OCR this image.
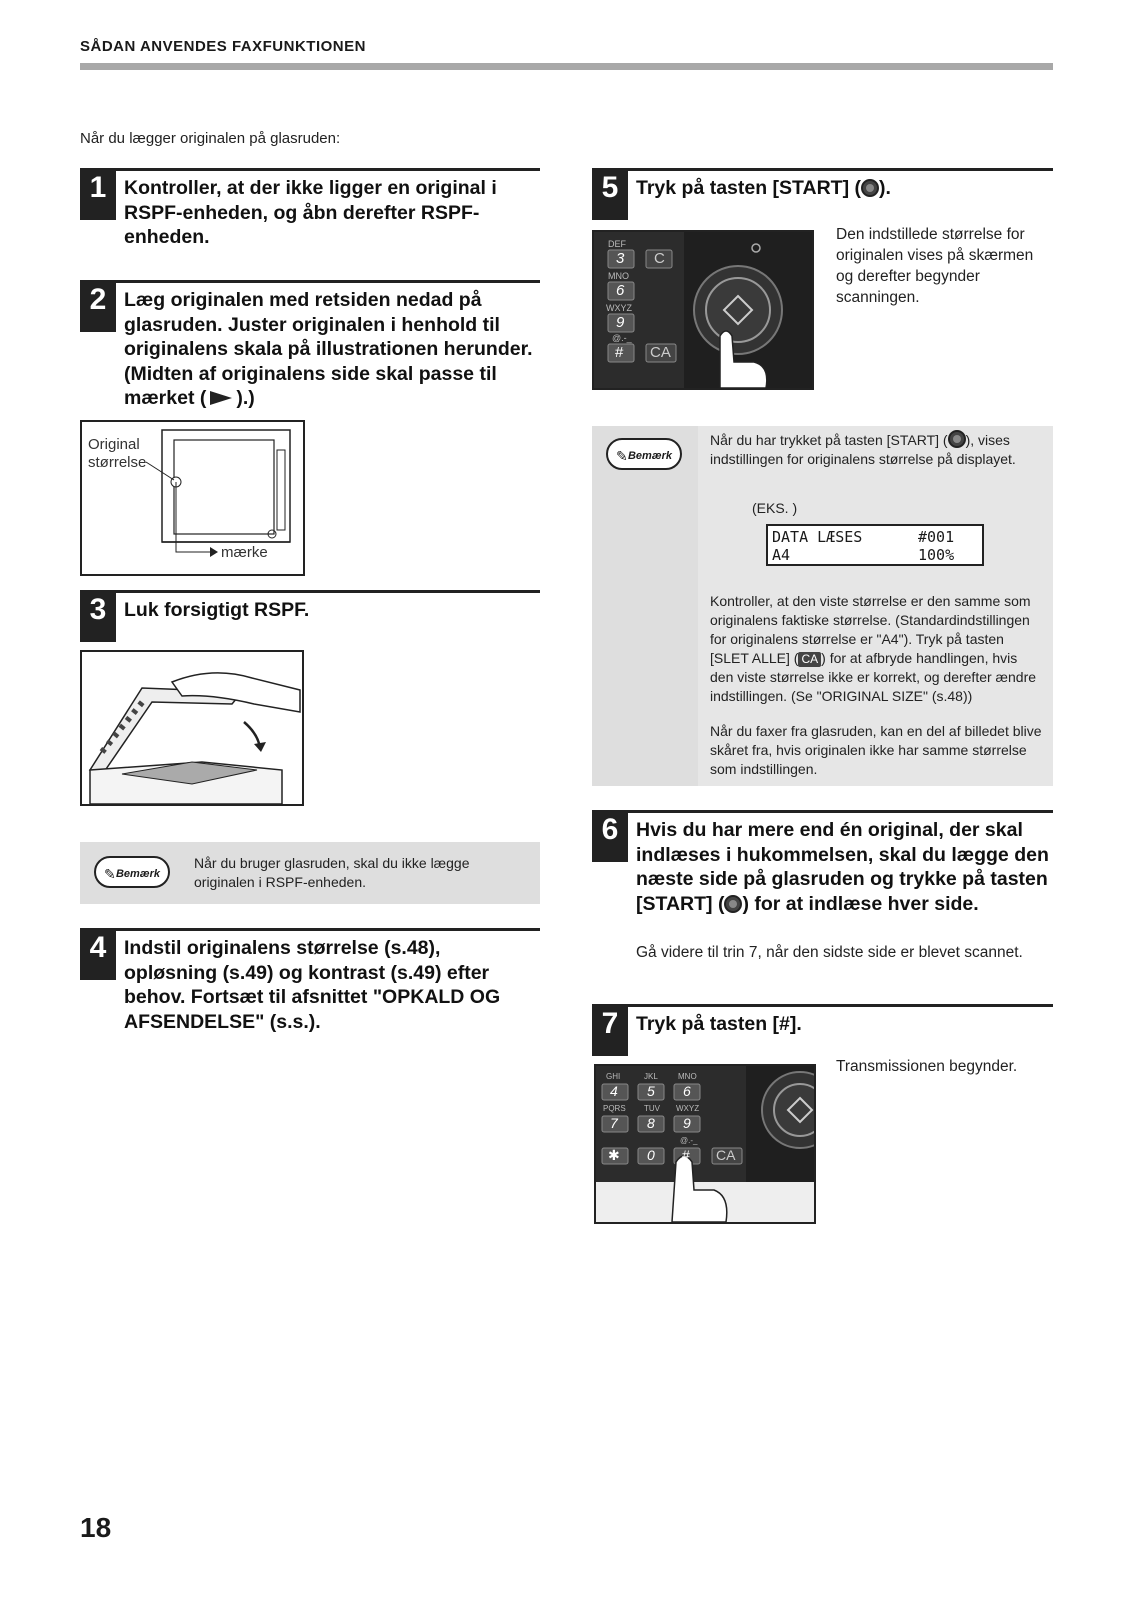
SÅDAN ANVENDES FAXFUNKTIONEN
Når du lægger originalen på glasruden:
1 Kontroller, at der ikke ligger en original i RSPF-enheden, og åbn derefter RSPF-enheden.
2 Læg originalen med retsiden nedad på glasruden. Juster originalen i henhold til originalens skala på illustrationen herunder. (Midten af originalens side skal passe til mærket ( ).)
Original
størrelse
mærke
3 Luk forsigtigt RSPF.
✎ Bemærk
Når du bruger glasruden, skal du ikke lægge originalen i RSPF-enheden.
4 Indstil originalens størrelse (s.48), opløsning (s.49) og kontrast (s.49) efter behov. Fortsæt til afsnittet "OPKALD OG AFSENDELSE" (s.s.).
5 Tryk på tasten [START] ( ).
DEF
3
MNO
6
WXYZ
9
@.-_
#
C
CA
Den indstillede størrelse for originalen vises på skærmen og derefter begynder scanningen.
✎ Bemærk
Når du har trykket på tasten [START] ( ), vises indstillingen for originalens størrelse på displayet.
(EKS. )
DATA LÆSES	#001
A4	100%
Kontroller, at den viste størrelse er den samme som originalens faktiske størrelse. (Standardindstillingen for originalens størrelse er "A4"). Tryk på tasten [SLET ALLE] ( CA ) for at afbryde handlingen, hvis den viste størrelse ikke er korrekt, og derefter ændre indstillingen. (Se "ORIGINAL SIZE" (s.48))
Når du faxer fra glasruden, kan en del af billedet blive skåret fra, hvis originalen ikke har samme størrelse som indstillingen.
6 Hvis du har mere end én original, der skal indlæses i hukommelsen, skal du lægge den næste side på glasruden og trykke på tasten [START] ( ) for at indlæse hver side.
Gå videre til trin 7, når den sidste side er blevet scannet.
7 Tryk på tasten [#].
GHI
4
JKL
5
MNO
6
PQRS
7
TUV
8
WXYZ
9
@.-_
✱ 0 # CA
Transmissionen begynder.
18
